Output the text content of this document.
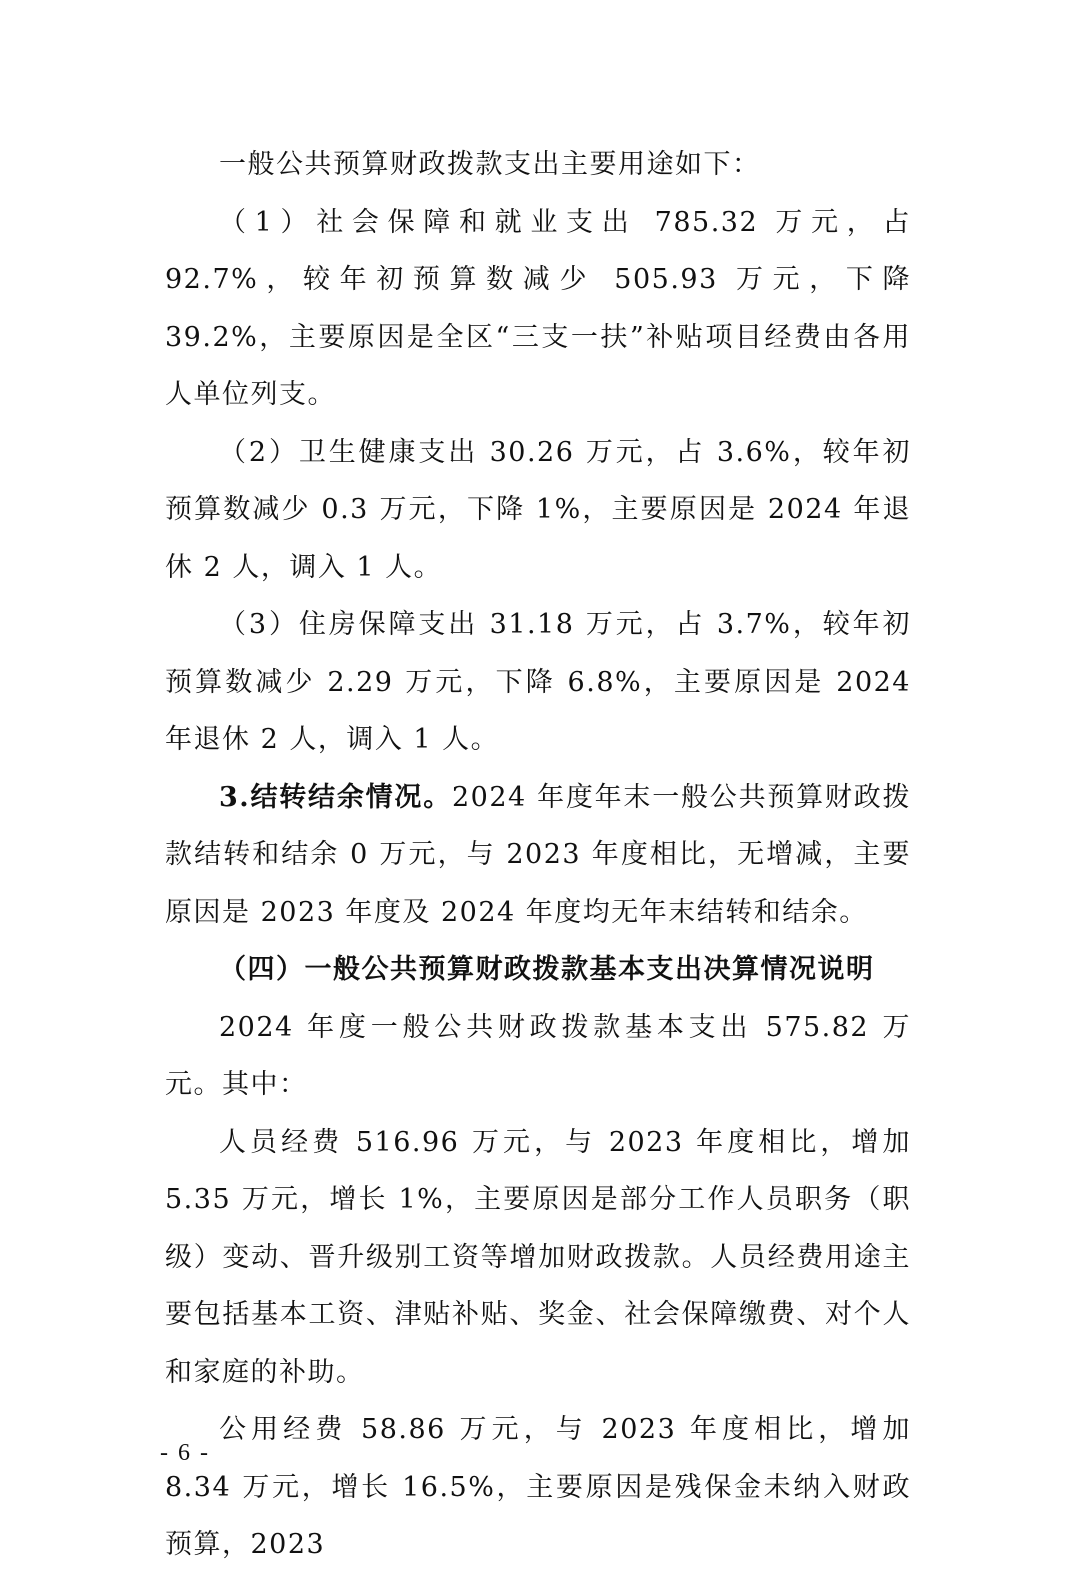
一般公共预算财政拨款支出主要用途如下：

（1）社会保障和就业支出 785.32 万元，占 92.7%，较年初预算数减少 505.93 万元，下降 39.2%，主要原因是全区“三支一扶”补贴项目经费由各用人单位列支。

（2）卫生健康支出 30.26 万元，占 3.6%，较年初预算数减少 0.3 万元，下降 1%，主要原因是 2024 年退休 2 人，调入 1 人。

（3）住房保障支出 31.18 万元，占 3.7%，较年初预算数减少 2.29 万元，下降 6.8%，主要原因是 2024 年退休 2 人，调入 1 人。

3.结转结余情况。2024 年度年末一般公共预算财政拨款结转和结余 0 万元，与 2023 年度相比，无增减，主要原因是 2023 年度及 2024 年度均无年末结转和结余。

（四）一般公共预算财政拨款基本支出决算情况说明

2024 年度一般公共财政拨款基本支出 575.82 万元。其中：

人员经费 516.96 万元，与 2023 年度相比，增加 5.35 万元，增长 1%，主要原因是部分工作人员职务（职级）变动、晋升级别工资等增加财政拨款。人员经费用途主要包括基本工资、津贴补贴、奖金、社会保障缴费、对个人和家庭的补助。

公用经费 58.86 万元，与 2023 年度相比，增加 8.34 万元，增长 16.5%，主要原因是残保金未纳入财政预算，2023

- 6 -
